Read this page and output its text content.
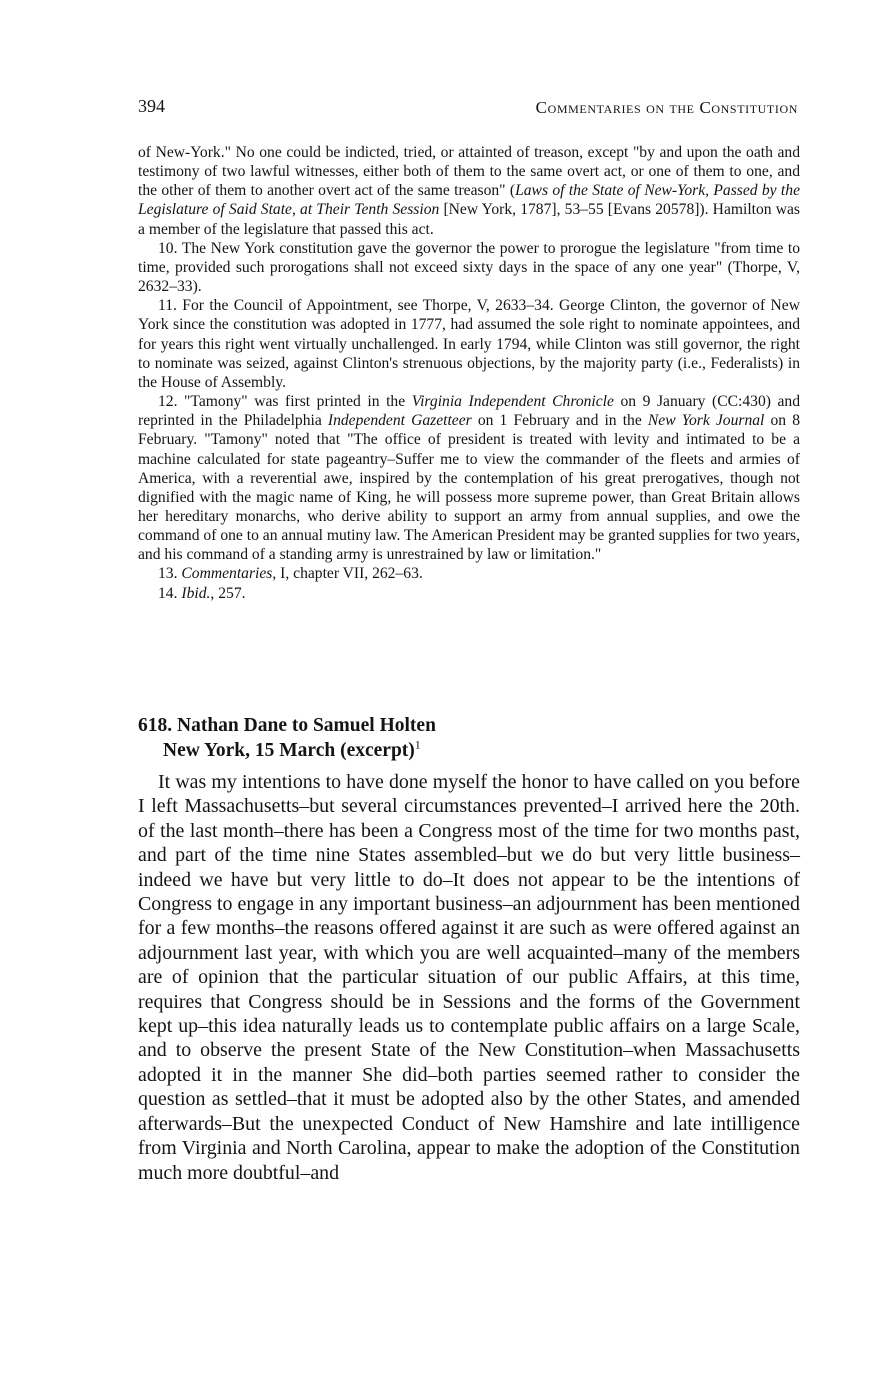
394	Commentaries on the Constitution

of New-York." No one could be indicted, tried, or attainted of treason, except "by and upon the oath and testimony of two lawful witnesses, either both of them to the same overt act, or one of them to one, and the other of them to another overt act of the same treason" (Laws of the State of New-York, Passed by the Legislature of Said State, at Their Tenth Session [New York, 1787], 53–55 [Evans 20578]). Hamilton was a member of the legislature that passed this act.

10. The New York constitution gave the governor the power to prorogue the legislature "from time to time, provided such prorogations shall not exceed sixty days in the space of any one year" (Thorpe, V, 2632–33).

11. For the Council of Appointment, see Thorpe, V, 2633–34. George Clinton, the governor of New York since the constitution was adopted in 1777, had assumed the sole right to nominate appointees, and for years this right went virtually unchallenged. In early 1794, while Clinton was still governor, the right to nominate was seized, against Clinton's strenuous objections, by the majority party (i.e., Federalists) in the House of Assembly.

12. "Tamony" was first printed in the Virginia Independent Chronicle on 9 January (CC:430) and reprinted in the Philadelphia Independent Gazetteer on 1 February and in the New York Journal on 8 February. "Tamony" noted that "The office of president is treated with levity and intimated to be a machine calculated for state pageantry–Suffer me to view the commander of the fleets and armies of America, with a reverential awe, inspired by the contemplation of his great prerogatives, though not dignified with the magic name of King, he will possess more supreme power, than Great Britain allows her hereditary monarchs, who derive ability to support an army from annual supplies, and owe the command of one to an annual mutiny law. The American President may be granted supplies for two years, and his command of a standing army is unrestrained by law or limitation."

13. Commentaries, I, chapter VII, 262–63.

14. Ibid., 257.

618. Nathan Dane to Samuel Holten
New York, 15 March (excerpt)$^1$

It was my intentions to have done myself the honor to have called on you before I left Massachusetts–but several circumstances prevented–I arrived here the 20th. of the last month–there has been a Congress most of the time for two months past, and part of the time nine States assembled–but we do but very little business–indeed we have but very little to do–It does not appear to be the intentions of Congress to engage in any important business–an adjournment has been mentioned for a few months–the reasons offered against it are such as were offered against an adjournment last year, with which you are well acquainted–many of the members are of opinion that the particular situation of our public Affairs, at this time, requires that Congress should be in Sessions and the forms of the Government kept up–this idea naturally leads us to contemplate public affairs on a large Scale, and to observe the present State of the New Constitution–when Massachusetts adopted it in the manner She did–both parties seemed rather to consider the question as settled–that it must be adopted also by the other States, and amended afterwards–But the unexpected Conduct of New Hamshire and late intilligence from Virginia and North Carolina, appear to make the adoption of the Constitution much more doubtful–and
